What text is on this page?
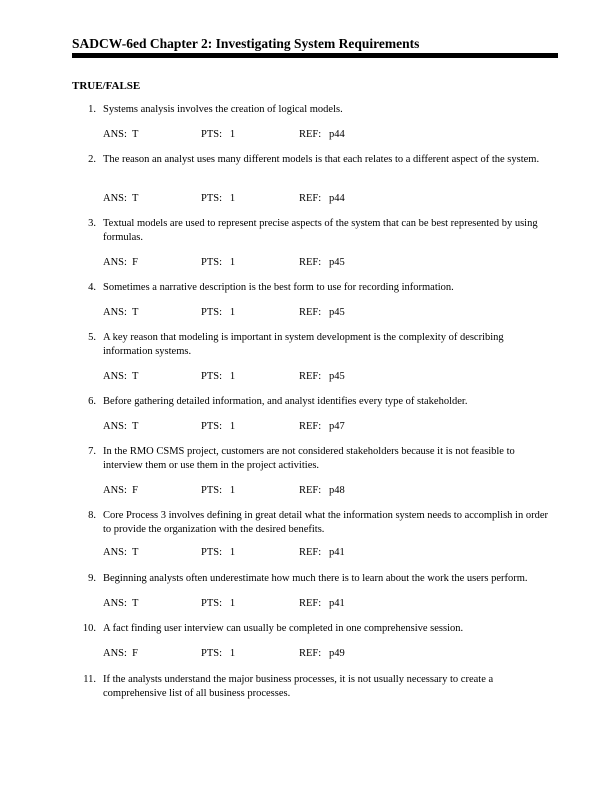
SADCW-6ed Chapter 2: Investigating System Requirements
TRUE/FALSE
1. Systems analysis involves the creation of logical models.
ANS:  T	PTS:   1	REF:   p44
2. The reason an analyst uses many different models is that each relates to a different aspect of the system.
ANS:  T	PTS:   1	REF:   p44
3. Textual models are used to represent precise aspects of the system that can be best represented by using formulas.
ANS:  F	PTS:   1	REF:   p45
4. Sometimes a narrative description is the best form to use for recording information.
ANS:  T	PTS:   1	REF:   p45
5. A key reason that modeling is important in system development is the complexity of describing information systems.
ANS:  T	PTS:   1	REF:   p45
6. Before gathering detailed information, and analyst identifies every type of stakeholder.
ANS:  T	PTS:   1	REF:   p47
7. In the RMO CSMS project, customers are not considered stakeholders because it is not feasible to interview them or use them in the project activities.
ANS:  F	PTS:   1	REF:   p48
8. Core Process 3 involves defining in great detail what the information system needs to accomplish in order to provide the organization with the desired benefits.
ANS:  T	PTS:   1	REF:   p41
9. Beginning analysts often underestimate how much there is to learn about the work the users perform.
ANS:  T	PTS:   1	REF:   p41
10. A fact finding user interview can usually be completed in one comprehensive session.
ANS:  F	PTS:   1	REF:   p49
11. If the analysts understand the major business processes, it is not usually necessary to create a comprehensive list of all business processes.
